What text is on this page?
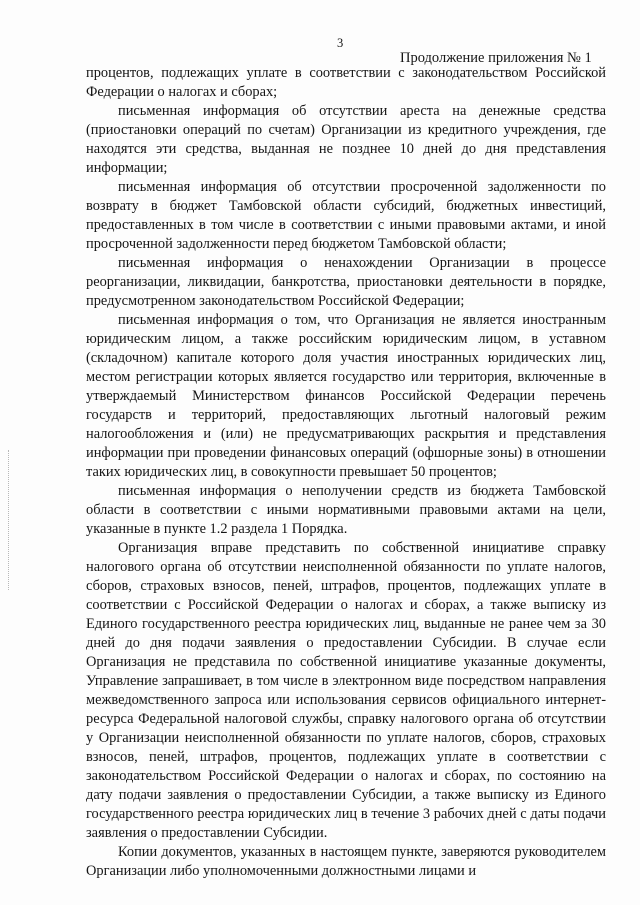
3
Продолжение приложения № 1

процентов, подлежащих уплате в соответствии с законодательством Российской Федерации о налогах и сборах;

письменная информация об отсутствии ареста на денежные средства (приостановки операций по счетам) Организации из кредитного учреждения, где находятся эти средства, выданная не позднее 10 дней до дня представления информации;

письменная информация об отсутствии просроченной задолженности по возврату в бюджет Тамбовской области субсидий, бюджетных инвестиций, предоставленных в том числе в соответствии с иными правовыми актами, и иной просроченной задолженности перед бюджетом Тамбовской области;

письменная информация о ненахождении Организации в процессе реорганизации, ликвидации, банкротства, приостановки деятельности в порядке, предусмотренном законодательством Российской Федерации;

письменная информация о том, что Организация не является иностранным юридическим лицом, а также российским юридическим лицом, в уставном (складочном) капитале которого доля участия иностранных юридических лиц, местом регистрации которых является государство или территория, включенные в утверждаемый Министерством финансов Российской Федерации перечень государств и территорий, предоставляющих льготный налоговый режим налогообложения и (или) не предусматривающих раскрытия и представления информации при проведении финансовых операций (офшорные зоны) в отношении таких юридических лиц, в совокупности превышает 50 процентов;

письменная информация о неполучении средств из бюджета Тамбовской области в соответствии с иными нормативными правовыми актами на цели, указанные в пункте 1.2 раздела 1 Порядка.

Организация вправе представить по собственной инициативе справку налогового органа об отсутствии неисполненной обязанности по уплате налогов, сборов, страховых взносов, пеней, штрафов, процентов, подлежащих уплате в соответствии с Российской Федерации о налогах и сборах, а также выписку из Единого государственного реестра юридических лиц, выданные не ранее чем за 30 дней до дня подачи заявления о предоставлении Субсидии. В случае если Организация не представила по собственной инициативе указанные документы, Управление запрашивает, в том числе в электронном виде посредством направления межведомственного запроса или использования сервисов официального интернет-ресурса Федеральной налоговой службы, справку налогового органа об отсутствии у Организации неисполненной обязанности по уплате налогов, сборов, страховых взносов, пеней, штрафов, процентов, подлежащих уплате в соответствии с законодательством Российской Федерации о налогах и сборах, по состоянию на дату подачи заявления о предоставлении Субсидии, а также выписку из Единого государственного реестра юридических лиц в течение 3 рабочих дней с даты подачи заявления о предоставлении Субсидии.

Копии документов, указанных в настоящем пункте, заверяются руководителем Организации либо уполномоченными должностными лицами и
